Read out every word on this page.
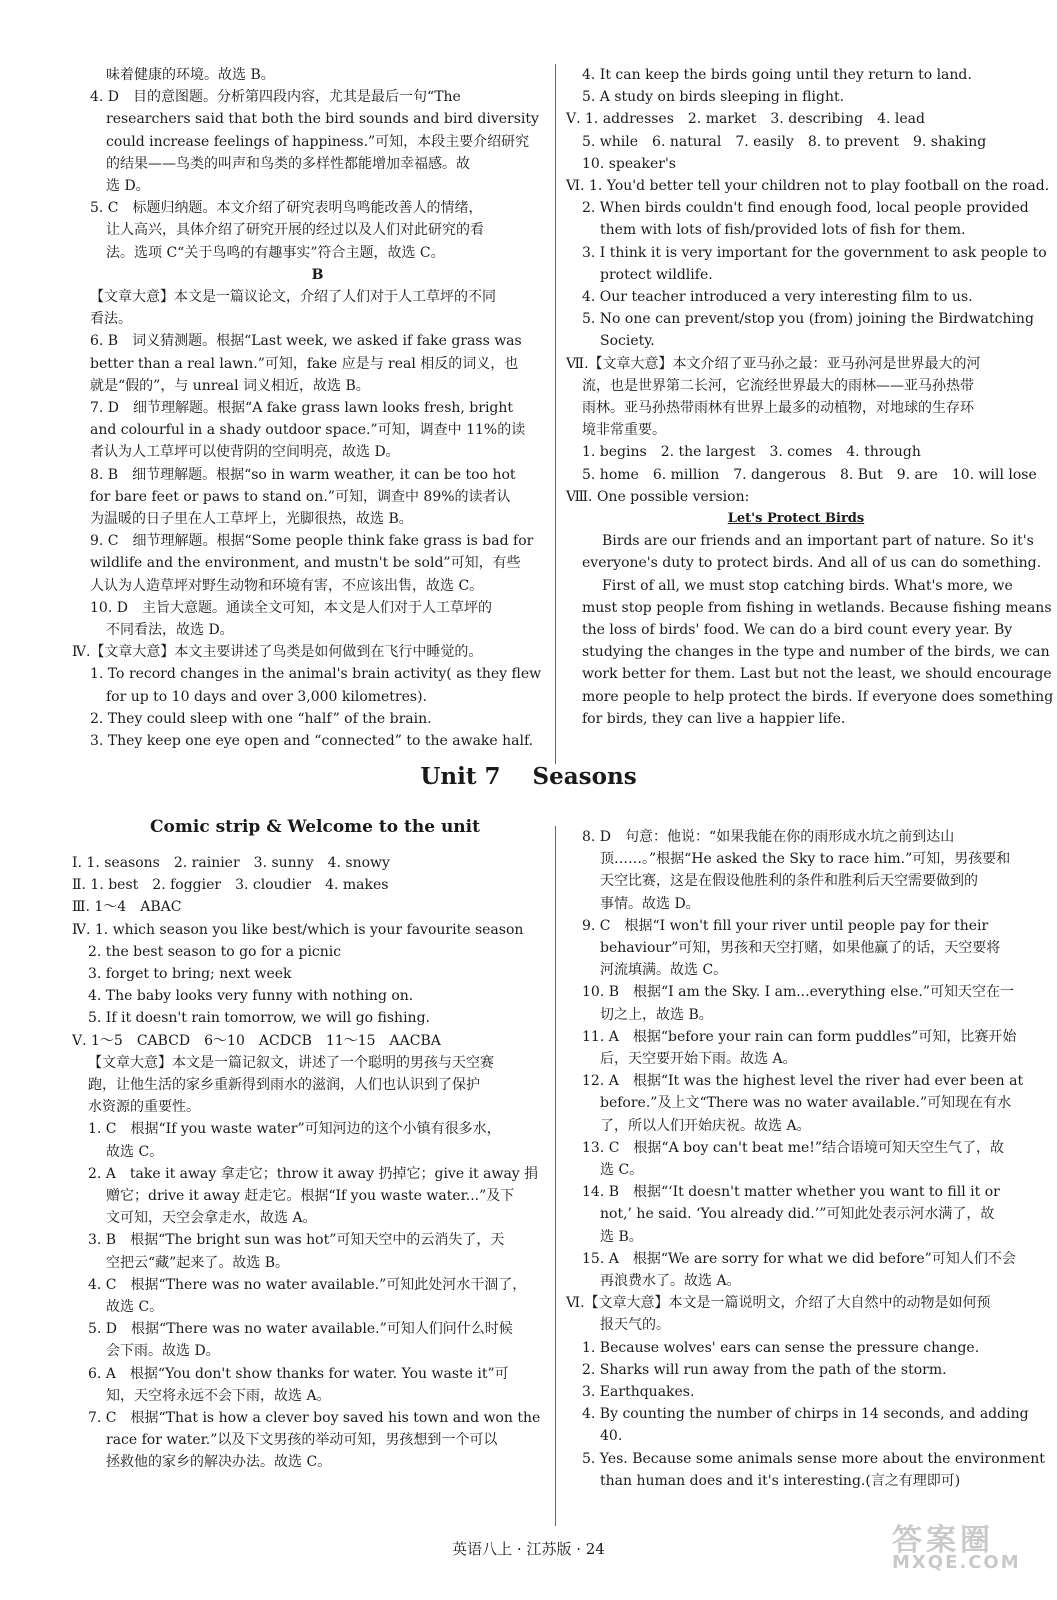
味着健康的环境。故选 B。

4. D　目的意图题。分析第四段内容，尤其是最后一句“The

researchers said that both the bird sounds and bird diversity

could increase feelings of happiness.”可知，本段主要介绍研究

的结果——鸟类的叫声和鸟类的多样性都能增加幸福感。故

选 D。

5. C　标题归纳题。本文介绍了研究表明鸟鸣能改善人的情绪，

让人高兴，具体介绍了研究开展的经过以及人们对此研究的看

法。选项 C“关于鸟鸣的有趣事实”符合主题，故选 C。

B

【文章大意】本文是一篇议论文，介绍了人们对于人工草坪的不同

看法。

6. B　词义猜测题。根据“Last week, we asked if fake grass was

better than a real lawn.”可知，fake 应是与 real 相反的词义，也

就是“假的”，与 unreal 词义相近，故选 B。

7. D　细节理解题。根据“A fake grass lawn looks fresh, bright

and colourful in a shady outdoor space.”可知，调查中 11%的读

者认为人工草坪可以使背阴的空间明亮，故选 D。

8. B　细节理解题。根据“so in warm weather, it can be too hot

for bare feet or paws to stand on.”可知，调查中 89%的读者认

为温暖的日子里在人工草坪上，光脚很热，故选 B。

9. C　细节理解题。根据“Some people think fake grass is bad for

wildlife and the environment, and mustn't be sold”可知，有些

人认为人造草坪对野生动物和环境有害，不应该出售，故选 C。

10. D　主旨大意题。通读全文可知，本文是人们对于人工草坪的

不同看法，故选 D。

Ⅳ.【文章大意】本文主要讲述了鸟类是如何做到在飞行中睡觉的。

1. To record changes in the animal's brain activity( as they flew

for up to 10 days and over 3,000 kilometres).

2. They could sleep with one “half” of the brain.

3. They keep one eye open and “connected” to the awake half.

4. It can keep the birds going until they return to land.

5. A study on birds sleeping in flight.

Ⅴ. 1. addresses　2. market　3. describing　4. lead

5. while　6. natural　7. easily　8. to prevent　9. shaking

10. speaker's

Ⅵ. 1. You'd better tell your children not to play football on the road.

2. When birds couldn't find enough food, local people provided

them with lots of fish/provided lots of fish for them.

3. I think it is very important for the government to ask people to

protect wildlife.

4. Our teacher introduced a very interesting film to us.

5. No one can prevent/stop you (from) joining the Birdwatching

Society.

Ⅶ.【文章大意】本文介绍了亚马孙之最：亚马孙河是世界最大的河

流，也是世界第二长河，它流经世界最大的雨林——亚马孙热带

雨林。亚马孙热带雨林有世界上最多的动植物，对地球的生存环

境非常重要。

1. begins　2. the largest　3. comes　4. through

5. home　6. million　7. dangerous　8. But　9. are　10. will lose

Ⅷ. One possible version:

Let's Protect Birds

Birds are our friends and an important part of nature. So it's

everyone's duty to protect birds. And all of us can do something.

First of all, we must stop catching birds. What's more, we

must stop people from fishing in wetlands. Because fishing means

the loss of birds' food. We can do a bird count every year. By

studying the changes in the type and number of the birds, we can

work better for them. Last but not the least, we should encourage

more people to help protect the birds. If everyone does something

for birds, they can live a happier life.

Unit 7 Seasons
Comic strip & Welcome to the unit

Ⅰ. 1. seasons　2. rainier　3. sunny　4. snowy

Ⅱ. 1. best　2. foggier　3. cloudier　4. makes

Ⅲ. 1～4　ABAC

Ⅳ. 1. which season you like best/which is your favourite season

2. the best season to go for a picnic

3. forget to bring; next week

4. The baby looks very funny with nothing on.

5. If it doesn't rain tomorrow, we will go fishing.

Ⅴ. 1～5　CABCD　6～10　ACDCB　11～15　AACBA

【文章大意】本文是一篇记叙文，讲述了一个聪明的男孩与天空赛

跑，让他生活的家乡重新得到雨水的滋润，人们也认识到了保护

水资源的重要性。

1. C　根据“If you waste water”可知河边的这个小镇有很多水，

故选 C。

2. A　take it away 拿走它；throw it away 扔掉它；give it away 捐

赠它；drive it away 赶走它。根据“If you waste water...”及下

文可知，天空会拿走水，故选 A。

3. B　根据“The bright sun was hot”可知天空中的云消失了，天

空把云“藏”起来了。故选 B。

4. C　根据“There was no water available.”可知此处河水干涸了，

故选 C。

5. D　根据“There was no water available.”可知人们问什么时候

会下雨。故选 D。

6. A　根据“You don't show thanks for water. You waste it”可

知，天空将永远不会下雨，故选 A。

7. C　根据“That is how a clever boy saved his town and won the

race for water.”以及下文男孩的举动可知，男孩想到一个可以

拯救他的家乡的解决办法。故选 C。

8. D　句意：他说：“如果我能在你的雨形成水坑之前到达山

顶……。”根据“He asked the Sky to race him.”可知，男孩要和

天空比赛，这是在假设他胜利的条件和胜利后天空需要做到的

事情。故选 D。

9. C　根据“I won't fill your river until people pay for their

behaviour”可知，男孩和天空打赌，如果他赢了的话，天空要将

河流填满。故选 C。

10. B　根据“I am the Sky. I am...everything else.”可知天空在一

切之上，故选 B。

11. A　根据“before your rain can form puddles”可知，比赛开始

后，天空要开始下雨。故选 A。

12. A　根据“It was the highest level the river had ever been at

before.”及上文“There was no water available.”可知现在有水

了，所以人们开始庆祝。故选 A。

13. C　根据“A boy can't beat me!”结合语境可知天空生气了，故

选 C。

14. B　根据“‘It doesn't matter whether you want to fill it or

not,’ he said. ‘You already did.’”可知此处表示河水满了，故

选 B。

15. A　根据“We are sorry for what we did before”可知人们不会

再浪费水了。故选 A。

Ⅵ.【文章大意】本文是一篇说明文，介绍了大自然中的动物是如何预

报天气的。

1. Because wolves' ears can sense the pressure change.

2. Sharks will run away from the path of the storm.

3. Earthquakes.

4. By counting the number of chirps in 14 seconds, and adding

40.

5. Yes. Because some animals sense more about the environment

than human does and it's interesting.(言之有理即可)

英语八上 · 江苏版 · 24	答案圈
MXQE.COM
